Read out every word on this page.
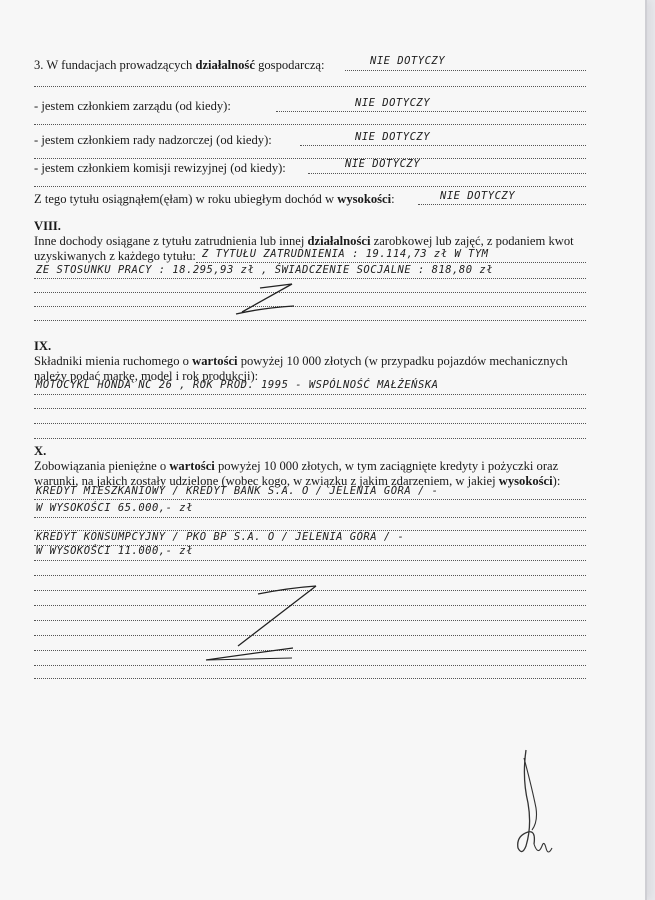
3. W fundacjach prowadzących działalność gospodarczą:	NIE DOTYCZY
- jestem członkiem zarządu (od kiedy):	NIE DOTYCZY
- jestem członkiem rady nadzorczej (od kiedy):	NIE DOTYCZY
- jestem członkiem komisji rewizyjnej (od kiedy):	NIE DOTYCZY
Z tego tytułu osiągnąłem(ęłam) w roku ubiegłym dochód w wysokości:	NIE DOTYCZY
VIII.
Inne dochody osiągane z tytułu zatrudnienia lub innej działalności zarobkowej lub zajęć, z podaniem kwot
uzyskiwanych z każdego tytułu: Z TYTUŁU ZATRUDNIENIA : 19.114,73 zł W TYM
ZE STOSUNKU PRACY : 18.295,93 zł , ŚWIADCZENIE SOCJALNE : 818,80 zł
IX.
Składniki mienia ruchomego o wartości powyżej 10 000 złotych (w przypadku pojazdów mechanicznych
należy podać markę, model i rok produkcji):
MOTOCYKL HONDA NC 26 , ROK PROD. 1995 - WSPÓLNOŚĆ MAŁŻEŃSKA
X.
Zobowiązania pieniężne o wartości powyżej 10 000 złotych, w tym zaciągnięte kredyty i pożyczki oraz
warunki, na jakich zostały udzielone (wobec kogo, w związku z jakim zdarzeniem, w jakiej wysokości):
KREDYT MIESZKANIOWY / KREDYT BANK S.A. O / JELENIA GÓRA / -
W WYSOKOŚCI 65.000,- zł
KREDYT KONSUMPCYJNY / PKO BP S.A. O / JELENIA GÓRA / -
W WYSOKOŚCI 11.000,- zł
